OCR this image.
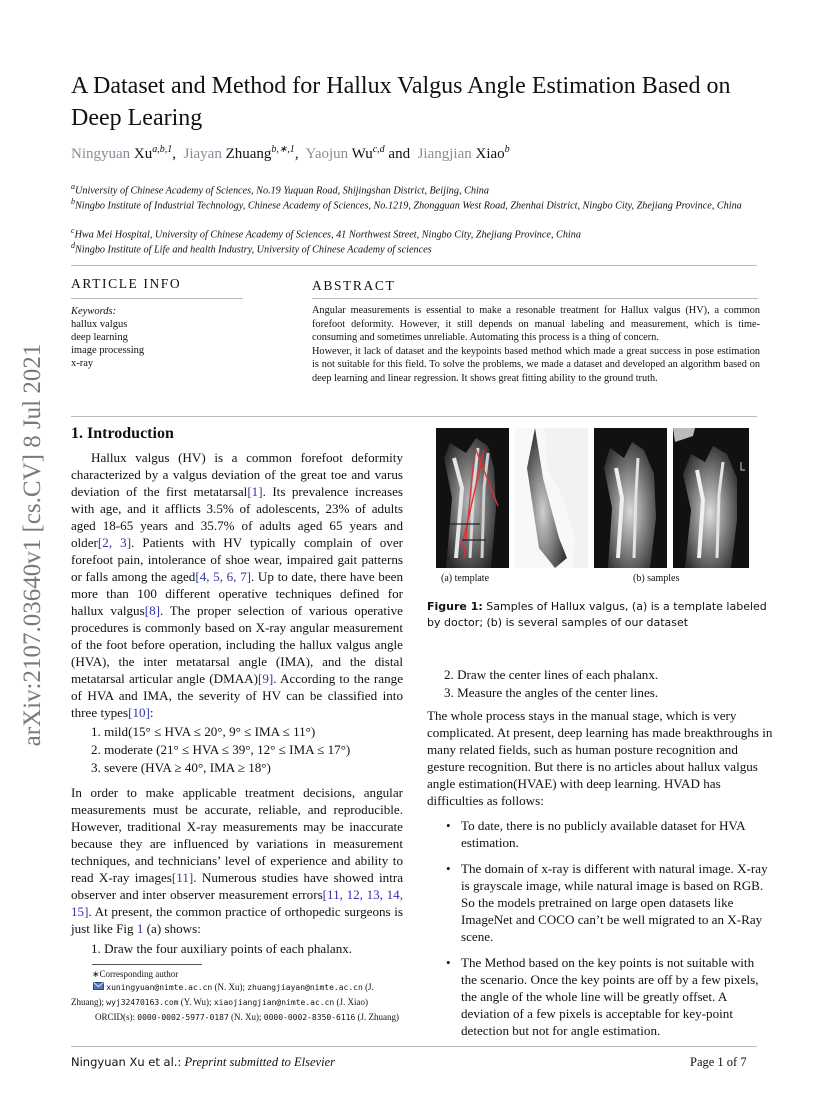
arXiv:2107.03640v1 [cs.CV] 8 Jul 2021
A Dataset and Method for Hallux Valgus Angle Estimation Based on Deep Learing
Ningyuan Xu$^{a,b,1}$, Jiayan Zhuang$^{b,∗,1}$, Yaojun Wu$^{c,d}$ and Jiangjian Xiao$^b$
$^a$University of Chinese Academy of Sciences, No.19 Yuquan Road, Shijingshan District, Beijing, China
$^b$Ningbo Institute of Industrial Technology, Chinese Academy of Sciences, No.1219, Zhongguan West Road, Zhenhai District, Ningbo City, Zhejiang Province, China
$^c$Hwa Mei Hospital, University of Chinese Academy of Sciences, 41 Northwest Street, Ningbo City, Zhejiang Province, China
$^d$Ningbo Institute of Life and health Industry, University of Chinese Academy of sciences
ARTICLE INFO
Keywords:
hallux valgus
deep learning
image processing
x-ray
ABSTRACT

Angular measurements is essential to make a resonable treatment for Hallux valgus (HV), a common forefoot deformity. However, it still depends on manual labeling and measurement, which is time-consuming and sometimes unreliable. Automating this process is a thing of concern.

However, it lack of dataset and the keypoints based method which made a great success in pose estimation is not suitable for this field. To solve the problems, we made a dataset and developed an algorithm based on deep learning and linear regression. It shows great fitting ability to the ground truth.

1. Introduction
Hallux valgus (HV) is a common forefoot deformity characterized by a valgus deviation of the great toe and varus deviation of the first metatarsal[1]. Its prevalence increases with age, and it afflicts 3.5% of adolescents, 23% of adults aged 18-65 years and 35.7% of adults aged 65 years and older[2, 3]. Patients with HV typically complain of over forefoot pain, intolerance of shoe wear, impaired gait patterns or falls among the aged[4, 5, 6, 7]. Up to date, there have been more than 100 different operative techniques defined for hallux valgus[8]. The proper selection of various operative procedures is commonly based on X-ray angular measurement of the foot before operation, including the hallux valgus angle (HVA), the inter metatarsal angle (IMA), and the distal metatarsal articular angle (DMAA)[9]. According to the range of HVA and IMA, the severity of HV can be classified into three types[10]:
1. mild(15° ≤ HVA ≤ 20°, 9° ≤ IMA ≤ 11°)
2. moderate (21° ≤ HVA ≤ 39°, 12° ≤ IMA ≤ 17°)
3. severe (HVA ≥ 40°, IMA ≥ 18°)
In order to make applicable treatment decisions, angular measurements must be accurate, reliable, and reproducible. However, traditional X-ray measurements may be inaccurate because they are influenced by variations in measurement techniques, and technicians’ level of experience and ability to read X-ray images[11]. Numerous studies have showed intra observer and inter observer measurement errors[11, 12, 13, 14, 15]. At present, the common practice of orthopedic surgeons is just like Fig 1 (a) shows:
1. Draw the four auxiliary points of each phalanx.
∗Corresponding author
xuningyuan@nimte.ac.cn (N. Xu); zhuangjiayan@nimte.ac.cn (J. Zhuang); wyj32470163.com (Y. Wu); xiaojiangjian@nimte.ac.cn (J. Xiao)
ORCID(s): 0000-0002-5977-0187 (N. Xu); 0000-0002-8350-6116 (J. Zhuang)
(a) template	(b) samples
Figure 1: Samples of Hallux valgus, (a) is a template labeled by doctor; (b) is several samples of our dataset
2. Draw the center lines of each phalanx.
3. Measure the angles of the center lines.
The whole process stays in the manual stage, which is very complicated. At present, deep learning has made breakthroughs in many related fields, such as human posture recognition and gesture recognition. But there is no articles about hallux valgus angle estimation(HVAE) with deep learning. HVAD has difficulties as follows:
• To date, there is no publicly available dataset for HVA estimation.
• The domain of x-ray is different with natural image. X-ray is grayscale image, while natural image is based on RGB. So the models pretrained on large open datasets like ImageNet and COCO can’t be well migrated to an X-Ray scene.
• The Method based on the key points is not suitable with the scenario. Once the key points are off by a few pixels, the angle of the whole line will be greatly offset. A deviation of a few pixels is acceptable for key-point detection but not for angle estimation.
Ningyuan Xu et al.: Preprint submitted to Elsevier	Page 1 of 7
